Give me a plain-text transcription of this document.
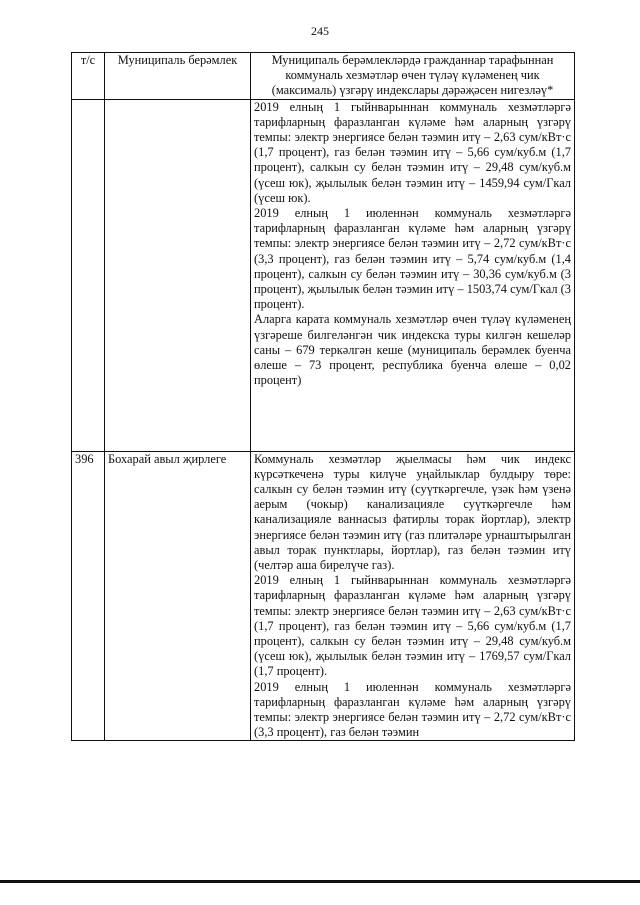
245
т/с	Муниципаль берәмлек	Муниципаль берәмлекләрдә гражданнар тарафыннан коммуналь хезмәтләр өчен түләү күләменең чик (максималь) үзгәрү индекслары дәрәҗәсен нигезләү*

		2019 елның 1 гыйнварыннан коммуналь хезмәтләргә тарифларның фаразланган күләме һәм аларның үзгәрү темпы: электр энергиясе белән тәэмин итү – 2,63 сум/кВт·с (1,7 процент), газ белән тәэмин итү – 5,66 сум/куб.м (1,7 процент), салкын су белән тәэмин итү – 29,48 сум/куб.м (үсеш юк), җылылык белән тәэмин итү – 1459,94 сум/Гкал (үсеш юк).
2019 елның 1 июленнән коммуналь хезмәтләргә тарифларның фаразланган күләме һәм аларның үзгәрү темпы: электр энергиясе белән тәэмин итү – 2,72 сум/кВт·с (3,3 процент), газ белән тәэмин итү – 5,74 сум/куб.м (1,4 процент), салкын су белән тәэмин итү – 30,36 сум/куб.м (3 процент), җылылык белән тәэмин итү – 1503,74 сум/Гкал (3 процент).
Аларга карата коммуналь хезмәтләр өчен түләү күләменең үзгәреше билгеләнгән чик индекска туры килгән кешеләр саны – 679 теркәлгән кеше (муниципаль берәмлек буенча өлеше – 73 процент, республика буенча өлеше – 0,02 процент)

396	Бохарай авыл җирлеге	Коммуналь хезмәтләр җыелмасы һәм чик индекс күрсәткеченә туры килүче уңайлыклар булдыру төре: салкын су белән тәэмин итү (суүткәргечле, үзәк һәм үзенә аерым (чокыр) канализацияле суүткәргечле һәм канализацияле ваннасыз фатирлы торак йортлар), электр энергиясе белән тәэмин итү (газ плитәләре урнаштырылган авыл торак пунктлары, йортлар), газ белән тәэмин итү (челтәр аша бирелүче газ).
2019 елның 1 гыйнварыннан коммуналь хезмәтләргә тарифларның фаразланган күләме һәм аларның үзгәрү темпы: электр энергиясе белән тәэмин итү – 2,63 сум/кВт·с (1,7 процент), газ белән тәэмин итү – 5,66 сум/куб.м (1,7 процент), салкын су белән тәэмин итү – 29,48 сум/куб.м (үсеш юк), җылылык белән тәэмин итү – 1769,57 сум/Гкал (1,7 процент).
2019 елның 1 июленнән коммуналь хезмәтләргә тарифларның фаразланган күләме һәм аларның үзгәрү темпы: электр энергиясе белән тәэмин итү – 2,72 сум/кВт·с (3,3 процент), газ белән тәэмин
